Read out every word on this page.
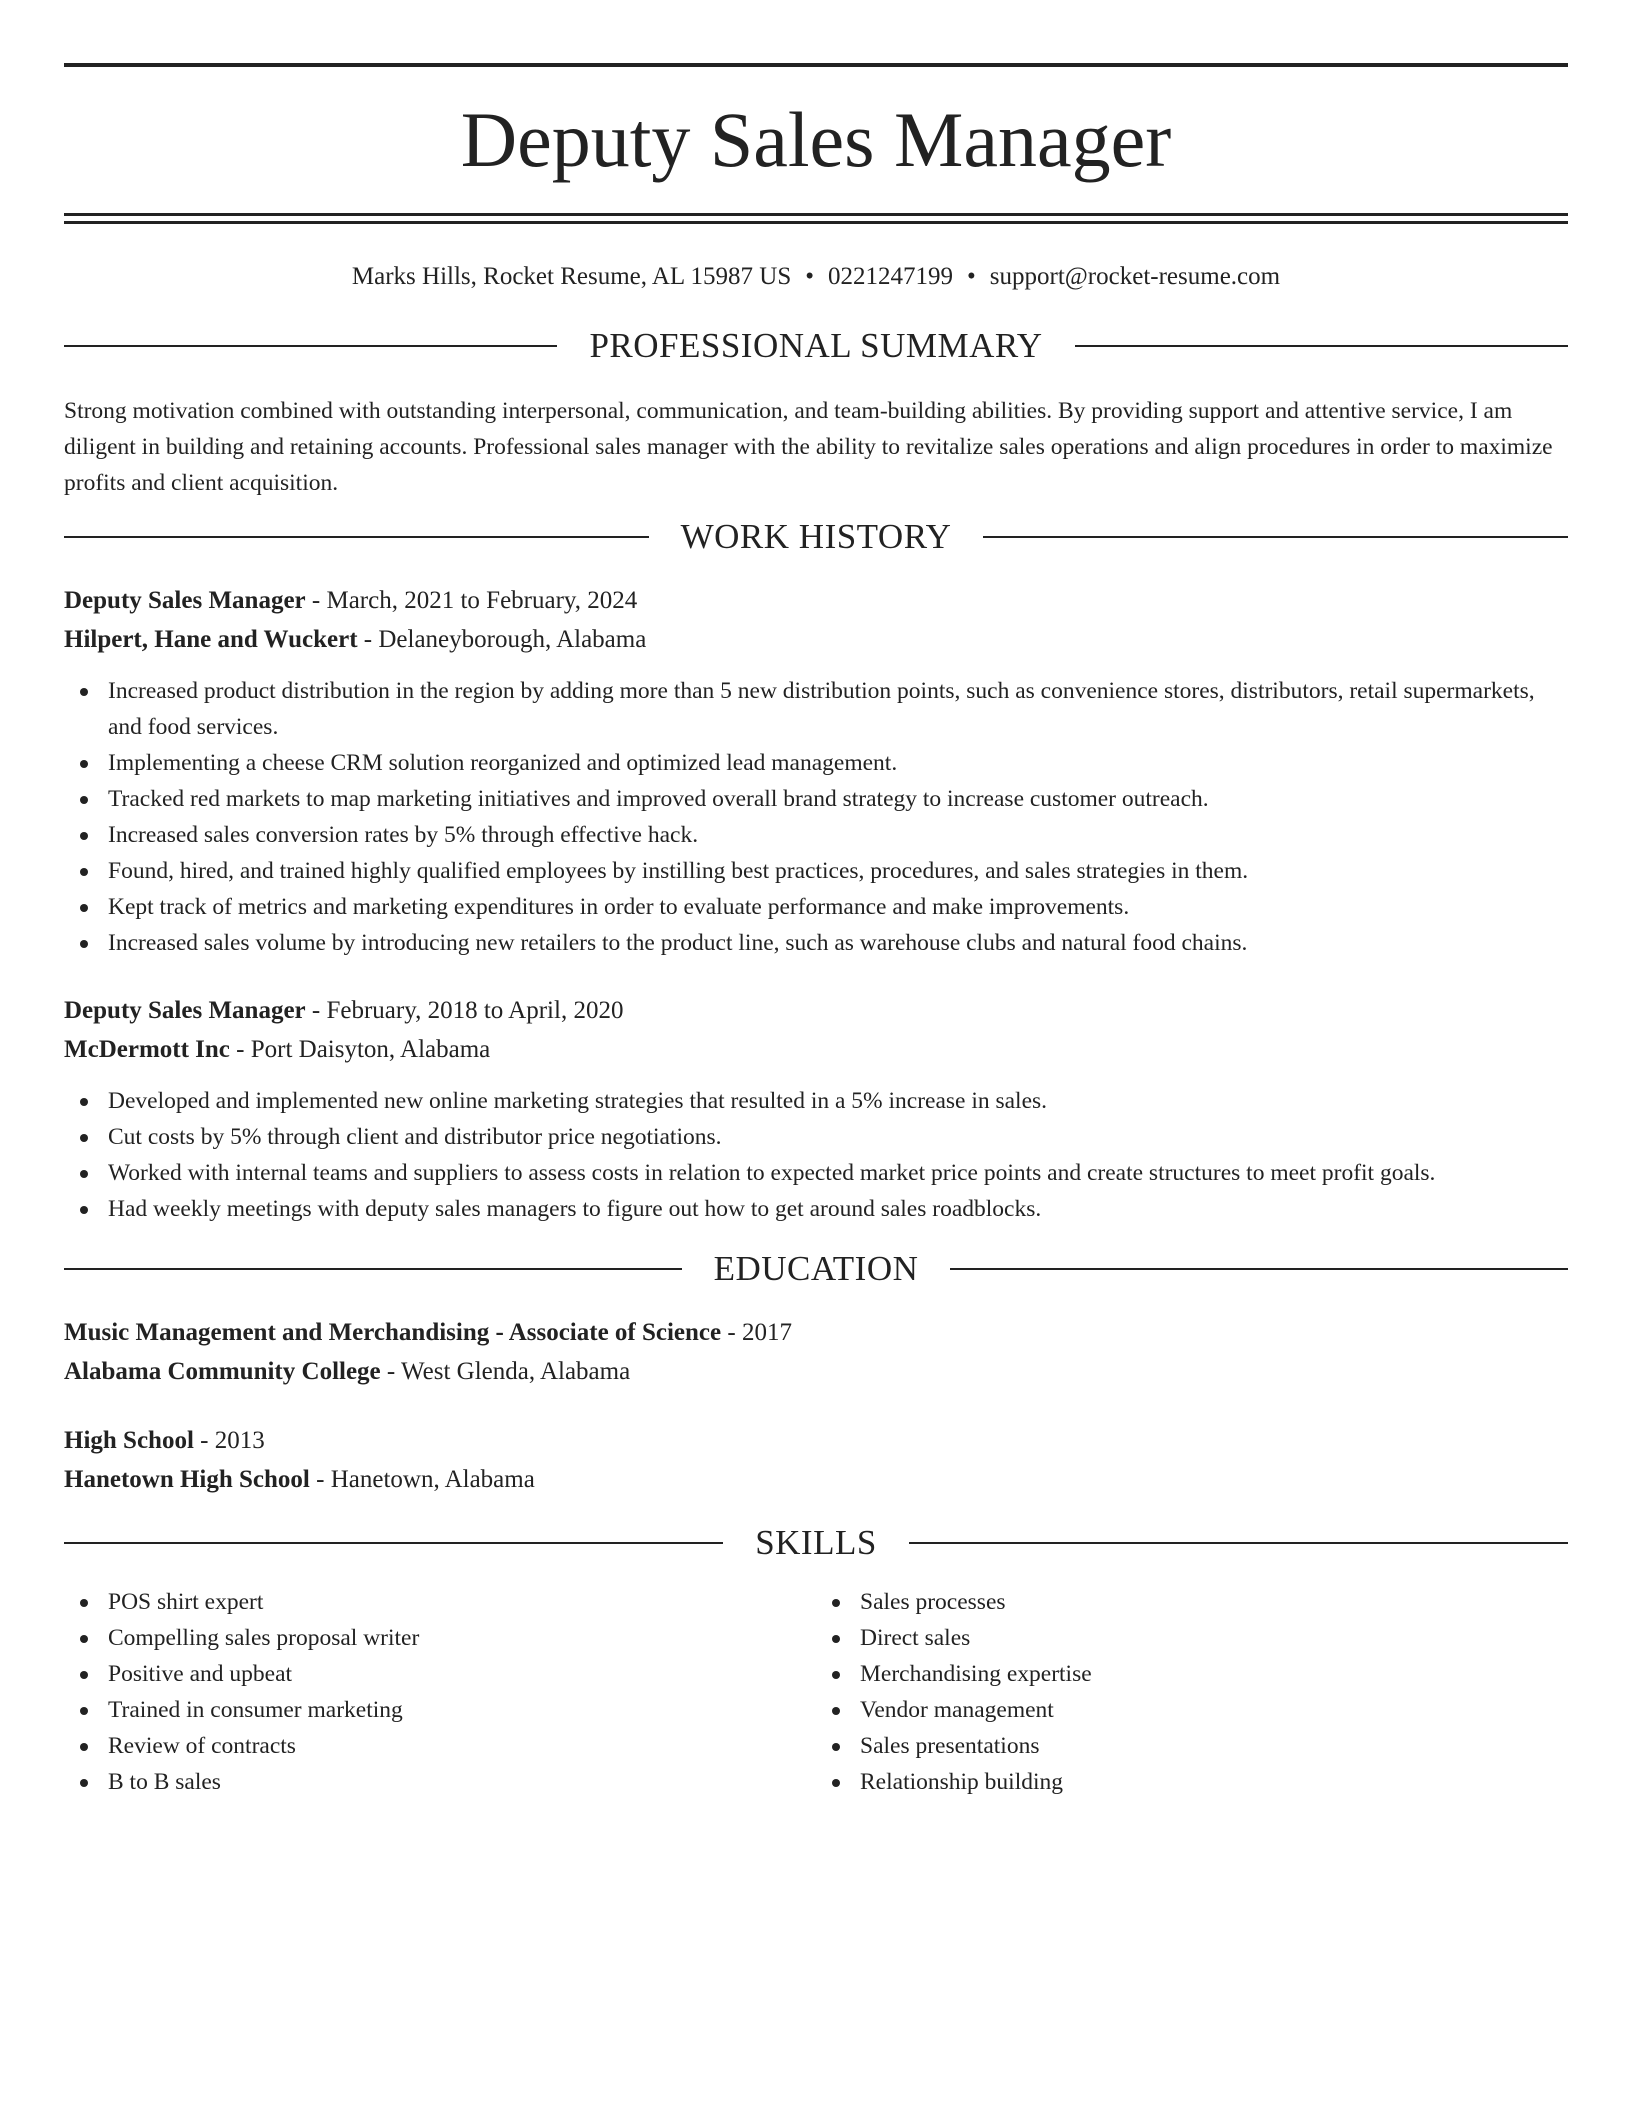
Deputy Sales Manager
Marks Hills, Rocket Resume, AL 15987 US • 0221247199 • support@rocket-resume.com
PROFESSIONAL SUMMARY

Strong motivation combined with outstanding interpersonal, communication, and team-building abilities. By providing support and attentive service, I am diligent in building and retaining accounts. Professional sales manager with the ability to revitalize sales operations and align procedures in order to maximize profits and client acquisition.

WORK HISTORY

Deputy Sales Manager - March, 2021 to February, 2024

Hilpert, Hane and Wuckert - Delaneyborough, Alabama

Increased product distribution in the region by adding more than 5 new distribution points, such as convenience stores, distributors, retail supermarkets, and food services.
Implementing a cheese CRM solution reorganized and optimized lead management.
Tracked red markets to map marketing initiatives and improved overall brand strategy to increase customer outreach.
Increased sales conversion rates by 5% through effective hack.
Found, hired, and trained highly qualified employees by instilling best practices, procedures, and sales strategies in them.
Kept track of metrics and marketing expenditures in order to evaluate performance and make improvements.
Increased sales volume by introducing new retailers to the product line, such as warehouse clubs and natural food chains.

Deputy Sales Manager - February, 2018 to April, 2020

McDermott Inc - Port Daisyton, Alabama

Developed and implemented new online marketing strategies that resulted in a 5% increase in sales.
Cut costs by 5% through client and distributor price negotiations.
Worked with internal teams and suppliers to assess costs in relation to expected market price points and create structures to meet profit goals.
Had weekly meetings with deputy sales managers to figure out how to get around sales roadblocks.
EDUCATION

Music Management and Merchandising - Associate of Science - 2017

Alabama Community College - West Glenda, Alabama

High School - 2013

Hanetown High School - Hanetown, Alabama

SKILLS
POS shirt expert
Compelling sales proposal writer
Positive and upbeat
Trained in consumer marketing
Review of contracts
B to B sales
Sales processes
Direct sales
Merchandising expertise
Vendor management
Sales presentations
Relationship building
